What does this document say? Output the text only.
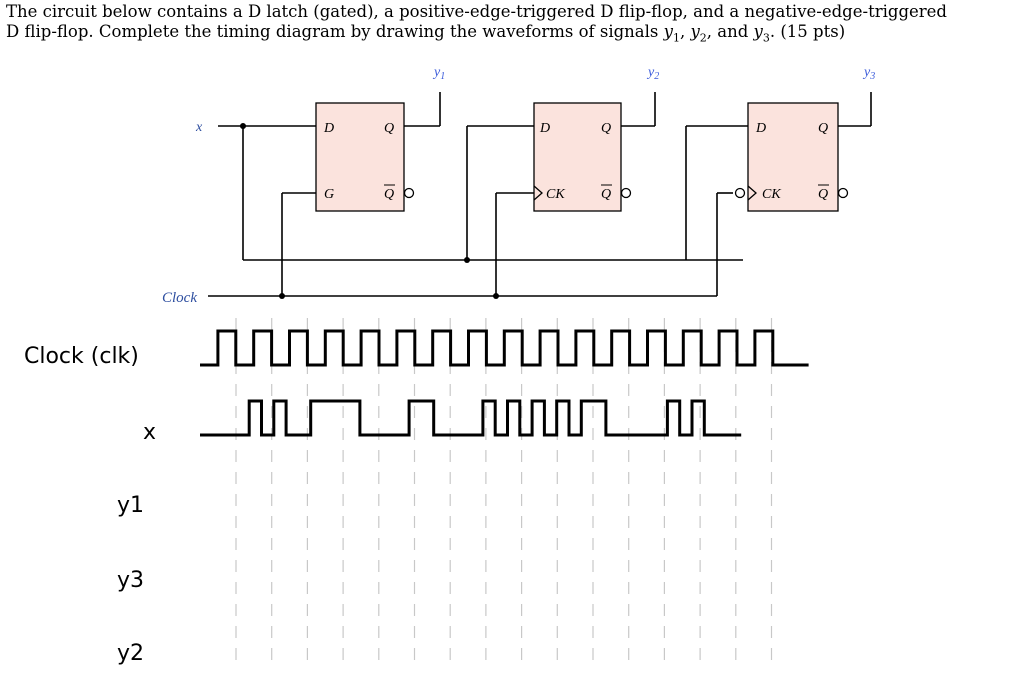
The circuit below contains a D latch (gated), a positive-edge-triggered D flip-flop, and a negative-edge-triggered
D flip-flop. Complete the timing diagram by drawing the waveforms of signals $y_1$, $y_2$, and $y_3$. (15 pts)

$y_1$	$y_2$	$y_3$
D	Q
G	Q
D	Q
CK	Q
D	Q
CK	Q
x
Clock
Clock (clk)
x
y1
y3
y2
